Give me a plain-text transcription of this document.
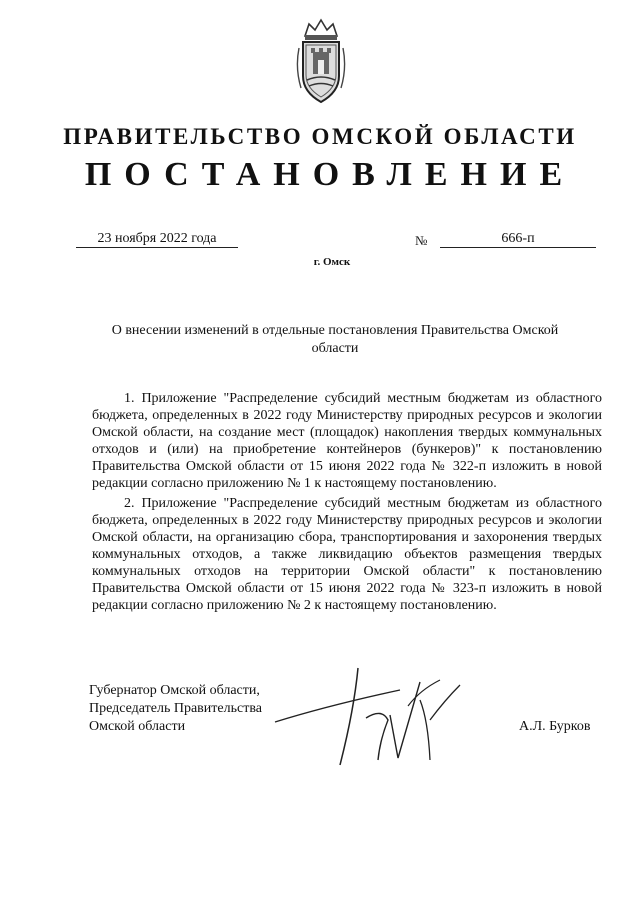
ПРАВИТЕЛЬСТВО ОМСКОЙ ОБЛАСТИ
ПОСТАНОВЛЕНИЕ
23 ноября 2022 года	№	666-п
г. Омск
О внесении изменений в отдельные постановления Правительства Омской области

1. Приложение "Распределение субсидий местным бюджетам из областного бюджета, определенных в 2022 году Министерству природных ресурсов и экологии Омской области, на создание мест (площадок) накопления твердых коммунальных отходов и (или) на приобретение контейнеров (бункеров)" к постановлению Правительства Омской области от 15 июня 2022 года № 322-п изложить в новой редакции согласно приложению № 1 к настоящему постановлению.

2. Приложение "Распределение субсидий местным бюджетам из областного бюджета, определенных в 2022 году Министерству природных ресурсов и экологии Омской области, на организацию сбора, транспортирования и захоронения твердых коммунальных отходов, а также ликвидацию объектов размещения твердых коммунальных отходов на территории Омской области" к постановлению Правительства Омской области от 15 июня 2022 года № 323-п изложить в новой редакции согласно приложению № 2 к настоящему постановлению.

Губернатор Омской области,
Председатель Правительства
Омской области	А.Л. Бурков
